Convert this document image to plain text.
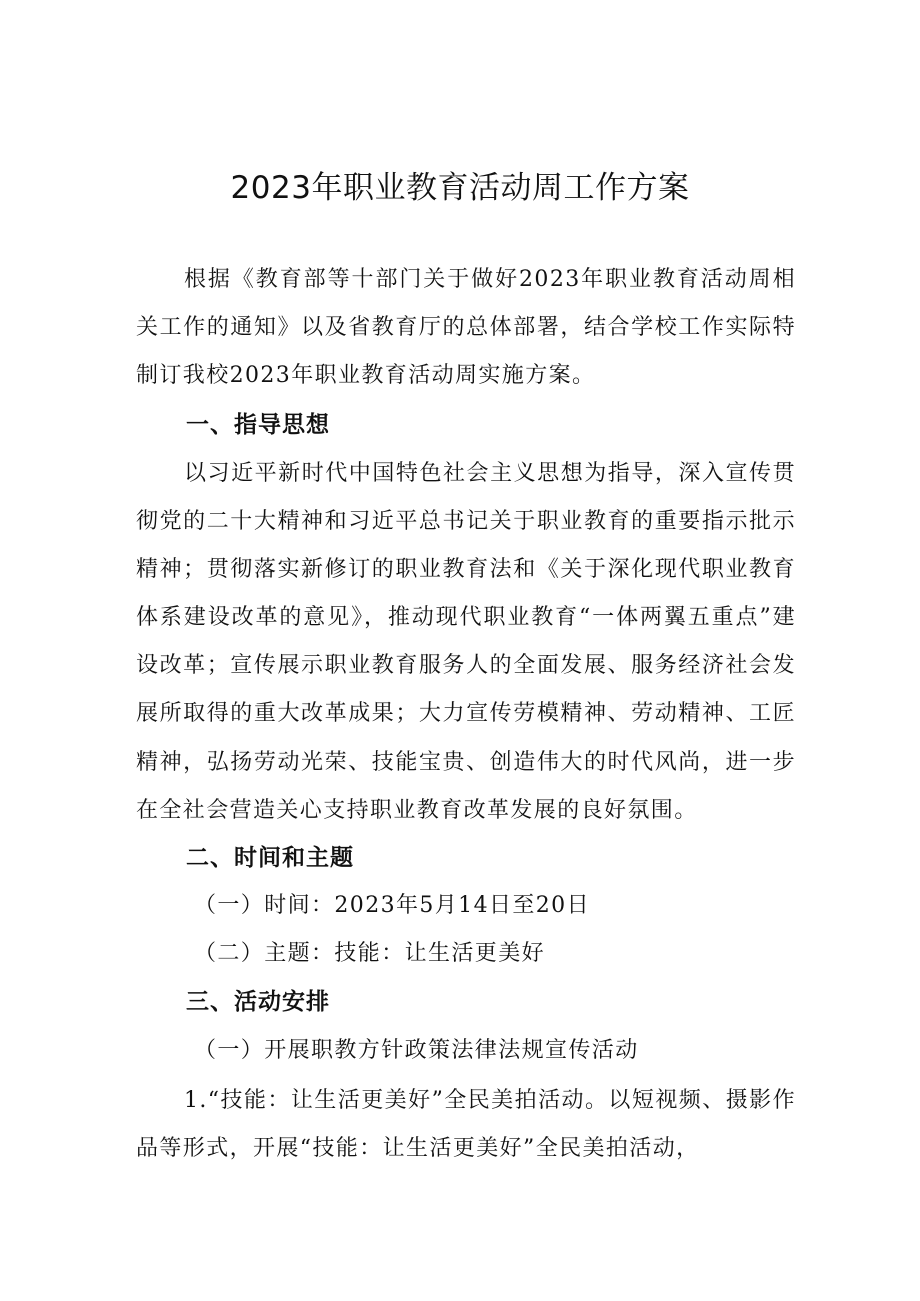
2023年职业教育活动周工作方案

根据《教育部等十部门关于做好2023年职业教育活动周相关工作的通知》以及省教育厅的总体部署，结合学校工作实际特制订我校2023年职业教育活动周实施方案。

一、指导思想

以习近平新时代中国特色社会主义思想为指导，深入宣传贯彻党的二十大精神和习近平总书记关于职业教育的重要指示批示精神；贯彻落实新修订的职业教育法和《关于深化现代职业教育体系建设改革的意见》，推动现代职业教育“一体两翼五重点”建设改革；宣传展示职业教育服务人的全面发展、服务经济社会发展所取得的重大改革成果；大力宣传劳模精神、劳动精神、工匠精神，弘扬劳动光荣、技能宝贵、创造伟大的时代风尚，进一步在全社会营造关心支持职业教育改革发展的良好氛围。

二、时间和主题

（一）时间：2023年5月14日至20日

（二）主题：技能：让生活更美好

三、活动安排

（一）开展职教方针政策法律法规宣传活动

1.“技能：让生活更美好”全民美拍活动。以短视频、摄影作品等形式，开展“技能：让生活更美好”全民美拍活动，
